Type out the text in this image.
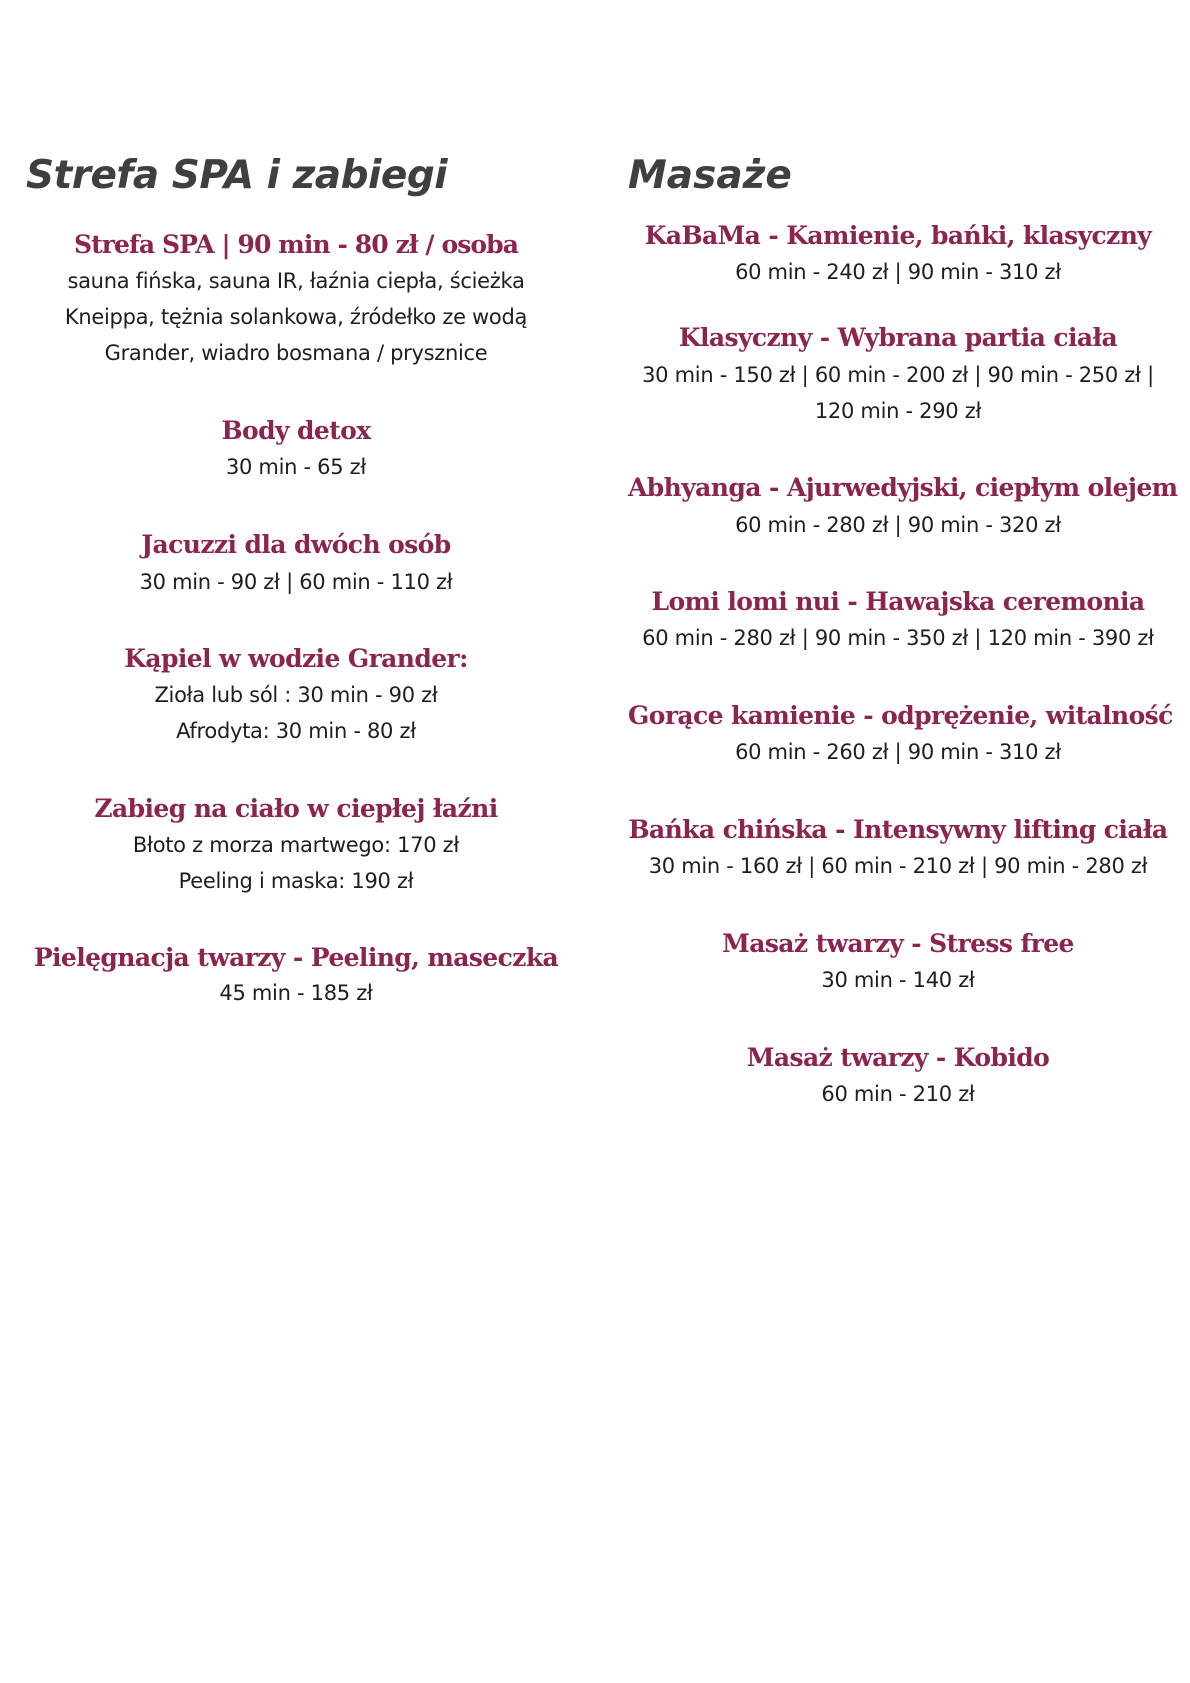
Strefa SPA i zabiegi
Strefa SPA | 90 min - 80 zł / osoba
sauna fińska, sauna IR, łaźnia ciepła, ścieżka
Kneippa, tężnia solankowa, źródełko ze wodą
Grander, wiadro bosmana / prysznice
Body detox
30 min - 65 zł
Jacuzzi dla dwóch osób
30 min - 90 zł | 60 min - 110 zł
Kąpiel w wodzie Grander:
Zioła lub sól : 30 min - 90 zł
Afrodyta: 30 min - 80 zł
Zabieg na ciało w ciepłej łaźni
Błoto z morza martwego: 170 zł
Peeling i maska: 190 zł
Pielęgnacja twarzy - Peeling, maseczka
45 min - 185 zł
Masaże
KaBaMa - Kamienie, bańki, klasyczny
60 min - 240 zł | 90 min - 310 zł
Klasyczny - Wybrana partia ciała
30 min - 150 zł | 60 min - 200 zł | 90 min - 250 zł |
120 min - 290 zł
Abhyanga - Ajurwedyjski, ciepłym olejem
60 min - 280 zł | 90 min - 320 zł
Lomi lomi nui - Hawajska ceremonia
60 min - 280 zł | 90 min - 350 zł | 120 min - 390 zł
Gorące kamienie - odprężenie, witalność
60 min - 260 zł | 90 min - 310 zł
Bańka chińska - Intensywny lifting ciała
30 min - 160 zł | 60 min - 210 zł | 90 min - 280 zł
Masaż twarzy - Stress free
30 min - 140 zł
Masaż twarzy - Kobido
60 min - 210 zł
